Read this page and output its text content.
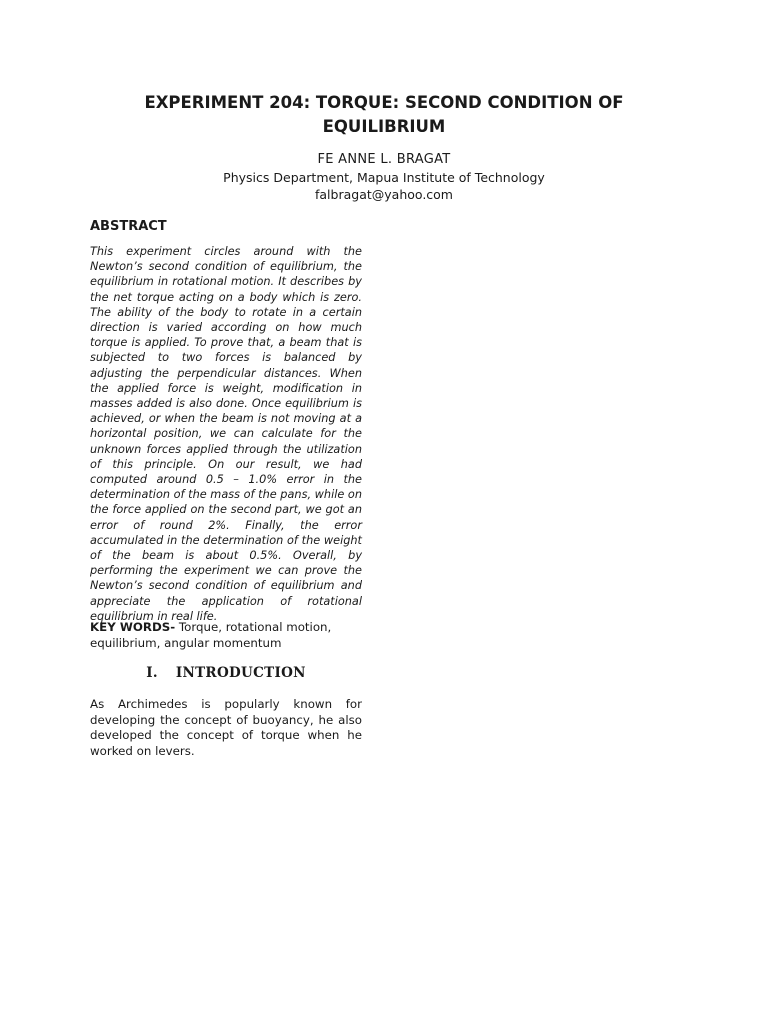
EXPERIMENT 204: TORQUE: SECOND CONDITION OF EQUILIBRIUM
FE ANNE L. BRAGAT
Physics Department, Mapua Institute of Technology
falbragat@yahoo.com
ABSTRACT

This experiment circles around with the Newton’s second condition of equilibrium, the equilibrium in rotational motion. It describes by the net torque acting on a body which is zero. The ability of the body to rotate in a certain direction is varied according on how much torque is applied. To prove that, a beam that is subjected to two forces is balanced by adjusting the perpendicular distances. When the applied force is weight, modification in masses added is also done. Once equilibrium is achieved, or when the beam is not moving at a horizontal position, we can calculate for the unknown forces applied through the utilization of this principle. On our result, we had computed around 0.5 – 1.0% error in the determination of the mass of the pans, while on the force applied on the second part, we got an error of round 2%. Finally, the error accumulated in the determination of the weight of the beam is about 0.5%. Overall, by performing the experiment we can prove the Newton’s second condition of equilibrium and appreciate the application of rotational equilibrium in real life.

KEY WORDS- Torque, rotational motion, equilibrium, angular momentum

I. INTRODUCTION

As Archimedes is popularly known for developing the concept of buoyancy, he also developed the concept of torque when he worked on levers.
